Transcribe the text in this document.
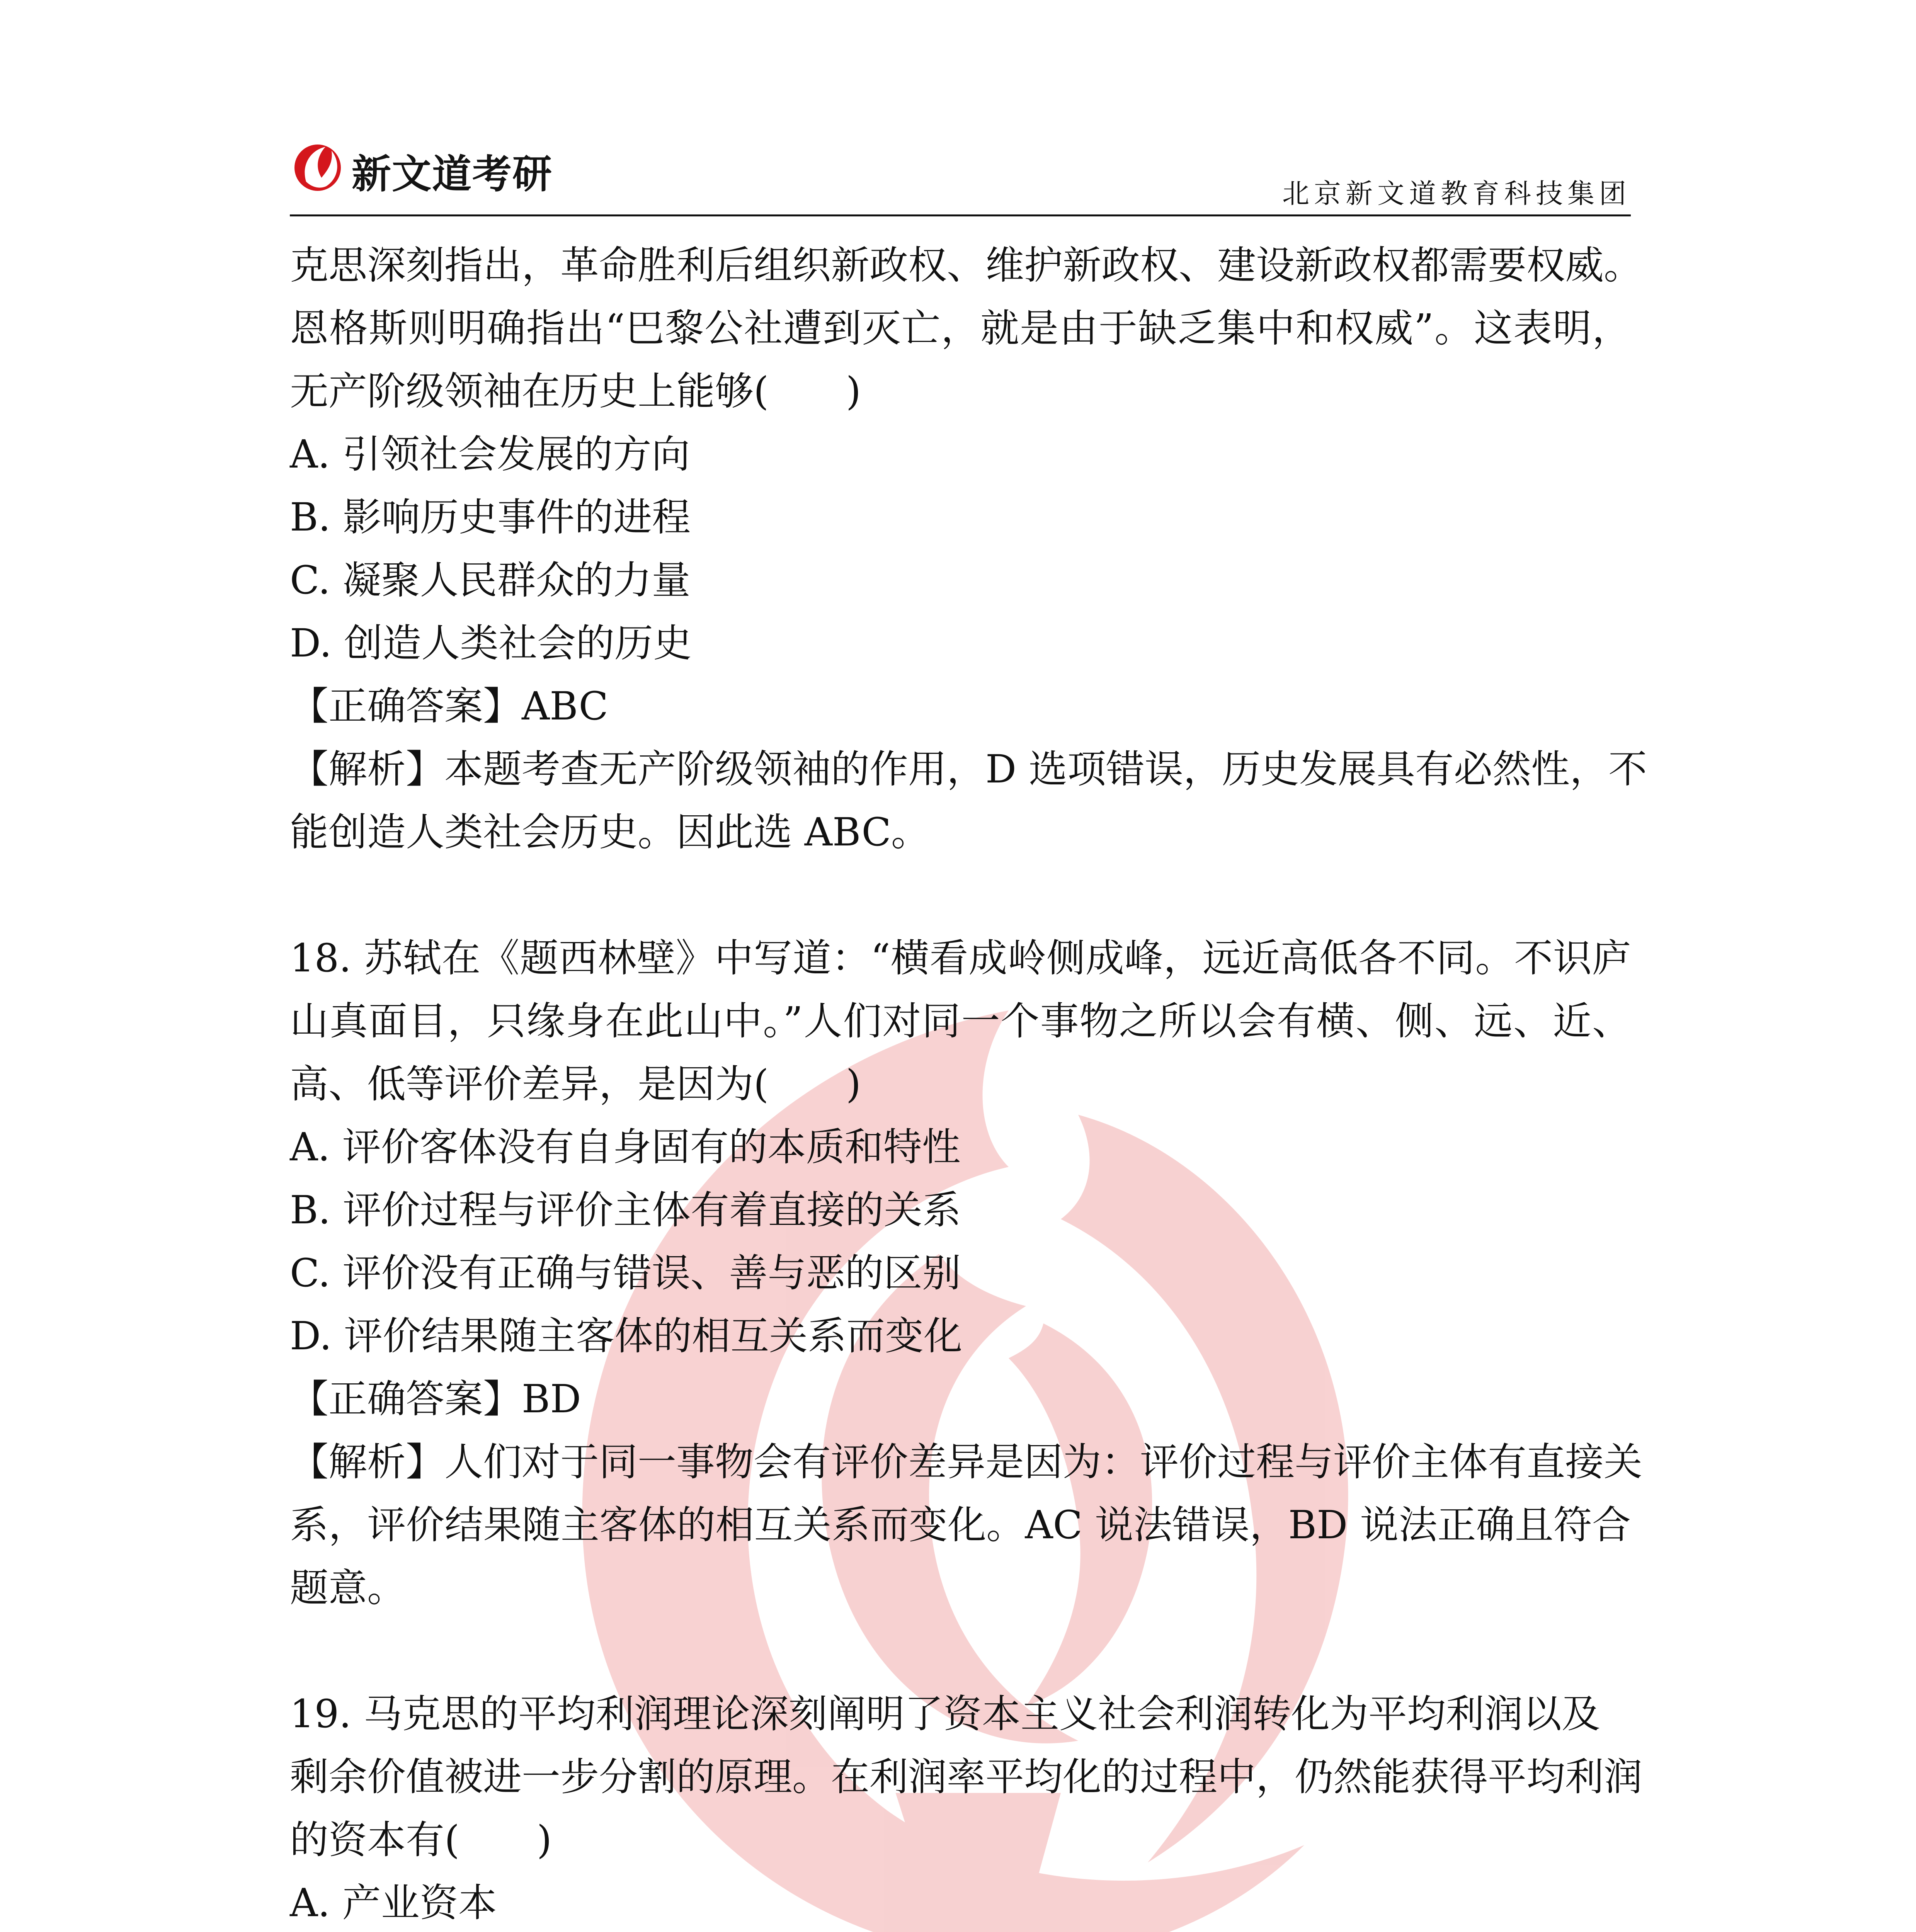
新文道考研	北京新文道教育科技集团
克思深刻指出，革命胜利后组织新政权、维护新政权、建设新政权都需要权威。
恩格斯则明确指出“巴黎公社遭到灭亡，就是由于缺乏集中和权威”。这表明，
无产阶级领袖在历史上能够(　　)
A. 引领社会发展的方向
B. 影响历史事件的进程
C. 凝聚人民群众的力量
D. 创造人类社会的历史
【正确答案】ABC
【解析】本题考查无产阶级领袖的作用，D 选项错误，历史发展具有必然性，不
能创造人类社会历史。因此选 ABC。
18. 苏轼在《题西林壁》中写道：“横看成岭侧成峰，远近高低各不同。不识庐
山真面目，只缘身在此山中。”人们对同一个事物之所以会有横、侧、远、近、
高、低等评价差异，是因为(　　)
A. 评价客体没有自身固有的本质和特性
B. 评价过程与评价主体有着直接的关系
C. 评价没有正确与错误、善与恶的区别
D. 评价结果随主客体的相互关系而变化
【正确答案】BD
【解析】人们对于同一事物会有评价差异是因为：评价过程与评价主体有直接关
系，评价结果随主客体的相互关系而变化。AC 说法错误，BD 说法正确且符合
题意。
19. 马克思的平均利润理论深刻阐明了资本主义社会利润转化为平均利润以及
剩余价值被进一步分割的原理。在利润率平均化的过程中，仍然能获得平均利润
的资本有(　　)
A. 产业资本
